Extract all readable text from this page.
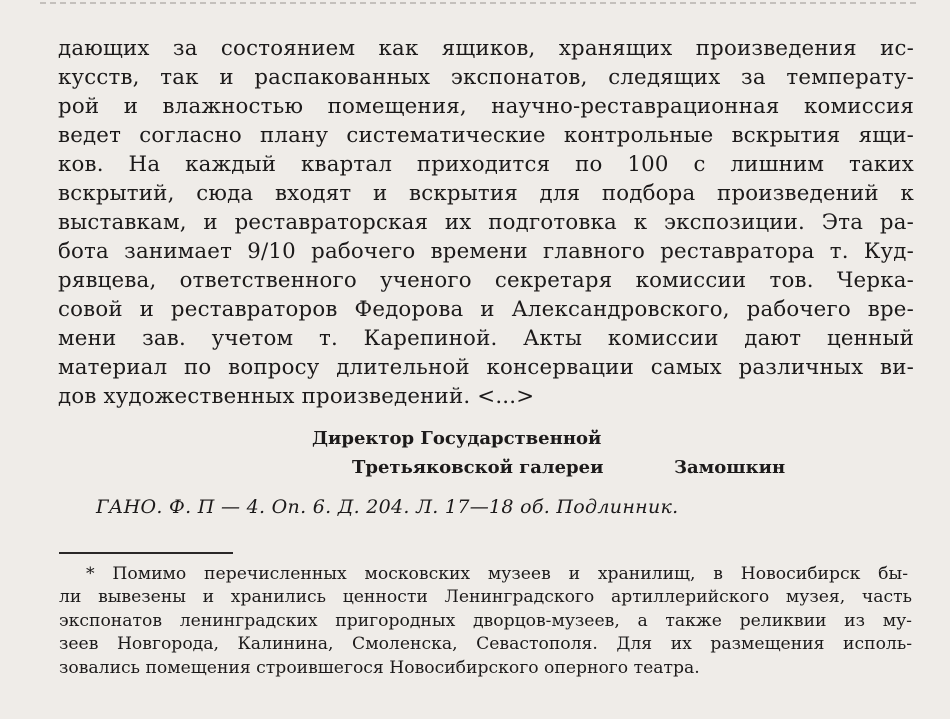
дающих за состоянием как ящиков, хранящих произведения ис-
кусств, так и распакованных экспонатов, следящих за температу-
рой и влажностью помещения, научно-реставрационная комиссия
ведет согласно плану систематические контрольные вскрытия ящи-
ков. На каждый квартал приходится по 100 с лишним таких
вскрытий, сюда входят и вскрытия для подбора произведений к
выставкам, и реставраторская их подготовка к экспозиции. Эта ра-
бота занимает 9/10 рабочего времени главного реставратора т. Куд-
рявцева, ответственного ученого секретаря комиссии тов. Черка-
совой и реставраторов Федорова и Александровского, рабочего вре-
мени зав. учетом т. Карепиной. Акты комиссии дают ценный
материал по вопросу длительной консервации самых различных ви-
дов художественных произведений. <...>
Директор Государственной
Третьяковской галереи	Замошкин
ГАНО. Ф. П — 4. Оп. 6. Д. 204. Л. 17—18 об. Подлинник.
* Помимо перечисленных московских музеев и хранилищ, в Новосибирск бы-
ли вывезены и хранились ценности Ленинградского артиллерийского музея, часть
экспонатов ленинградских пригородных дворцов-музеев, а также реликвии из му-
зеев Новгорода, Калинина, Смоленска, Севастополя. Для их размещения исполь-
зовались помещения строившегося Новосибирского оперного театра.
